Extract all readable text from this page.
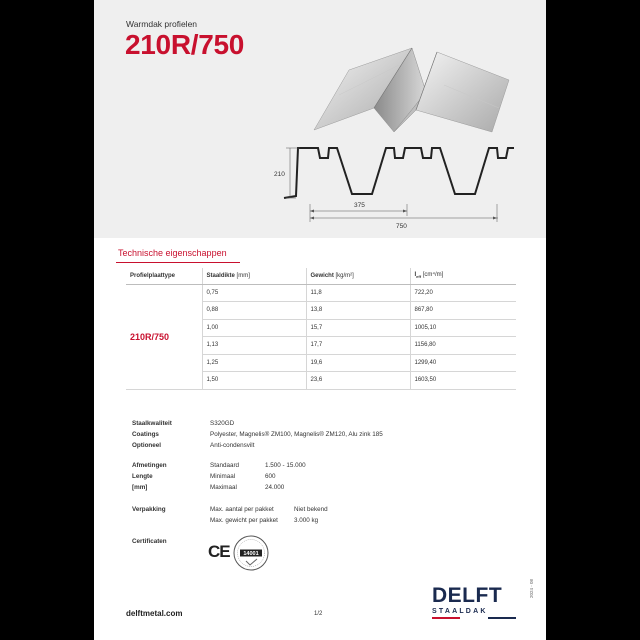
Warmdak profielen
210R/750
210
375
750
Technische eigenschappen
Profielplaattype	Staaldikte [mm]	Gewicht [kg/m²]	$I_{eff}$ [cm⁴/m]
210R/750	0,75	11,8	722,20
	0,88	13,8	867,80
	1,00	15,7	1005,10
	1,13	17,7	1156,80
	1,25	19,6	1299,40
	1,50	23,6	1603,50
Staalkwaliteit	S320GD
Coatings	Polyester, Magnelis® ZM100, Magnelis® ZM120, Alu zink 185
Optioneel	Anti-condensvilt
Afmetingen
Lengte [mm]
Standaard	1.500 - 15.000
Minimaal	600
Maximaal	24.000
Verpakking	Max. aantal per pakket	Niet bekend
Max. gewicht per pakket	3.000 kg
Certificaten
CE 14001
delftmetal.com	1/2
DELFT
STAALDAK
2024 - 08
